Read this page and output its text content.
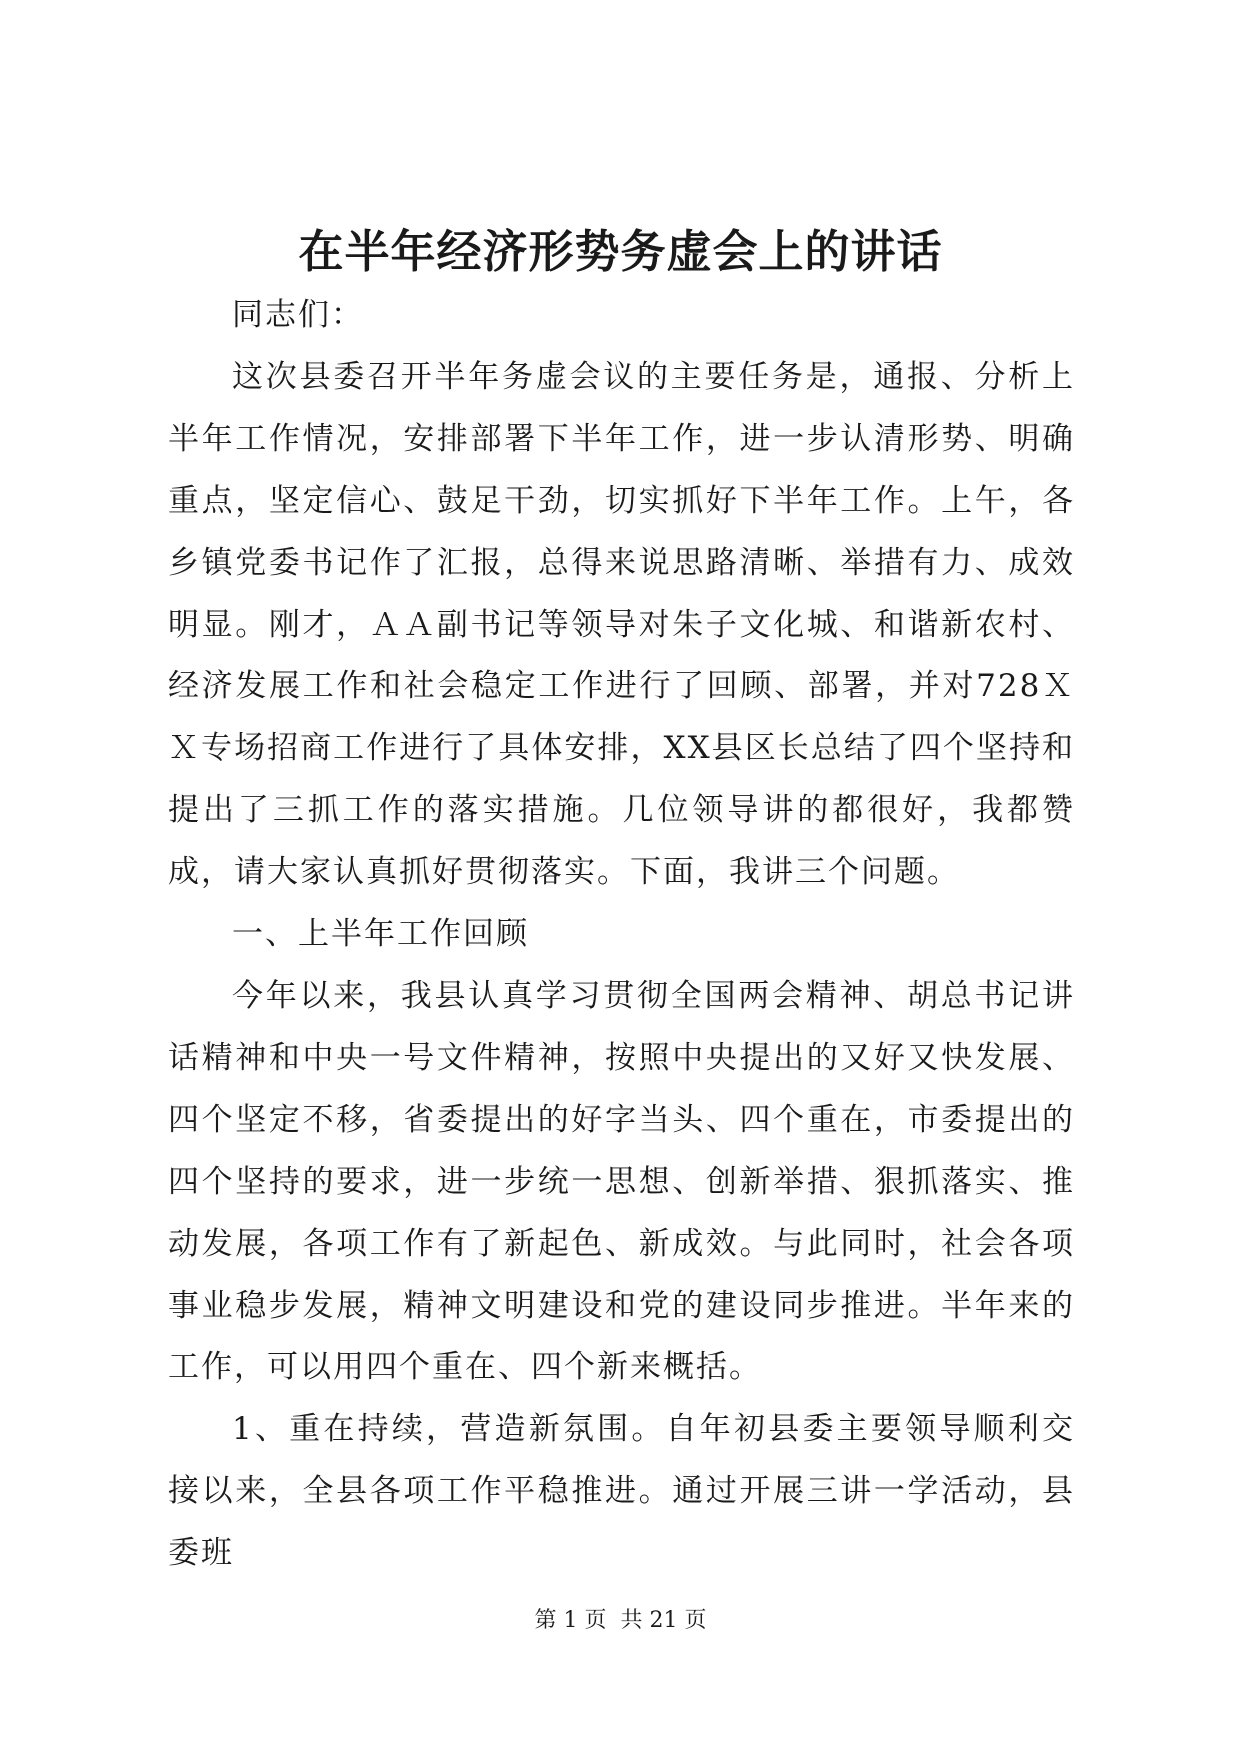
在半年经济形势务虚会上的讲话

同志们：

这次县委召开半年务虚会议的主要任务是，通报、分析上半年工作情况，安排部署下半年工作，进一步认清形势、明确重点，坚定信心、鼓足干劲，切实抓好下半年工作。上午，各乡镇党委书记作了汇报，总得来说思路清晰、举措有力、成效明显。刚才，ＡＡ副书记等领导对朱子文化城、和谐新农村、经济发展工作和社会稳定工作进行了回顾、部署，并对728ＸＸ专场招商工作进行了具体安排，XX县区长总结了四个坚持和提出了三抓工作的落实措施。几位领导讲的都很好，我都赞成，请大家认真抓好贯彻落实。下面，我讲三个问题。

一、上半年工作回顾

今年以来，我县认真学习贯彻全国两会精神、胡总书记讲话精神和中央一号文件精神，按照中央提出的又好又快发展、四个坚定不移，省委提出的好字当头、四个重在，市委提出的四个坚持的要求，进一步统一思想、创新举措、狠抓落实、推动发展，各项工作有了新起色、新成效。与此同时，社会各项事业稳步发展，精神文明建设和党的建设同步推进。半年来的工作，可以用四个重在、四个新来概括。

1、重在持续，营造新氛围。自年初县委主要领导顺利交接以来，全县各项工作平稳推进。通过开展三讲一学活动，县委班

第 1 页  共 21 页
